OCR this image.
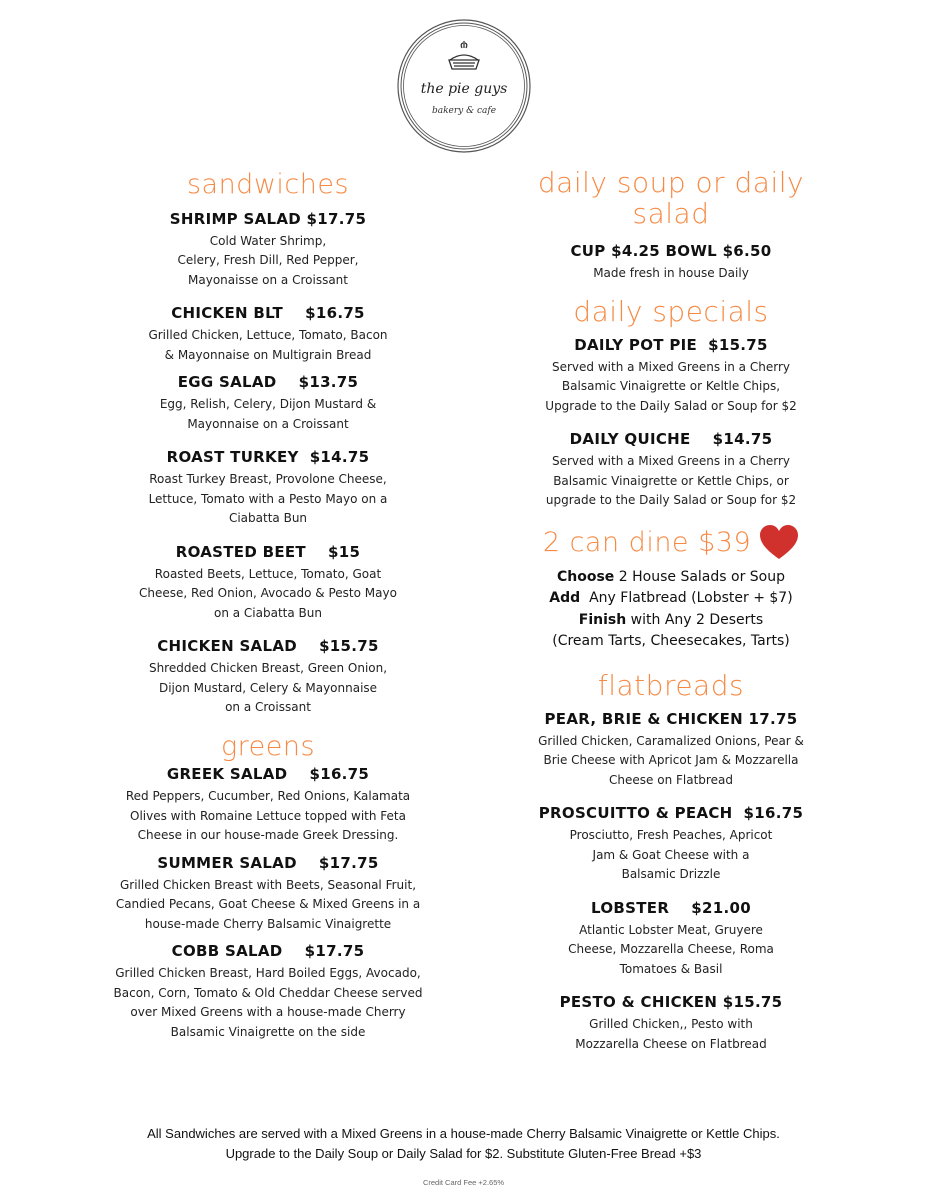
the pie guys
bakery & cafe
sandwiches
SHRIMP SALAD $17.75
Cold Water Shrimp,
Celery, Fresh Dill, Red Pepper,
Mayonaisse on a Croissant
CHICKEN BLT    $16.75
Grilled Chicken, Lettuce, Tomato, Bacon
& Mayonnaise on Multigrain Bread
EGG SALAD    $13.75
Egg, Relish, Celery, Dijon Mustard &
Mayonnaise on a Croissant
ROAST TURKEY  $14.75
Roast Turkey Breast, Provolone Cheese,
Lettuce, Tomato with a Pesto Mayo on a
Ciabatta Bun
ROASTED BEET    $15
Roasted Beets, Lettuce, Tomato, Goat
Cheese, Red Onion, Avocado & Pesto Mayo
on a Ciabatta Bun
CHICKEN SALAD    $15.75
Shredded Chicken Breast, Green Onion,
Dijon Mustard, Celery & Mayonnaise
on a Croissant
greens
GREEK SALAD    $16.75
Red Peppers, Cucumber, Red Onions, Kalamata
Olives with Romaine Lettuce topped with Feta
Cheese in our house-made Greek Dressing.
SUMMER SALAD    $17.75
Grilled Chicken Breast with Beets, Seasonal Fruit,
Candied Pecans, Goat Cheese & Mixed Greens in a
house-made Cherry Balsamic Vinaigrette
COBB SALAD    $17.75
Grilled Chicken Breast, Hard Boiled Eggs, Avocado,
Bacon, Corn, Tomato & Old Cheddar Cheese served
over Mixed Greens with a house-made Cherry
Balsamic Vinaigrette on the side
daily soup or daily salad
CUP $4.25 BOWL $6.50

Made fresh in house Daily

daily specials
DAILY POT PIE  $15.75
Served with a Mixed Greens in a Cherry
Balsamic Vinaigrette or Keltle Chips,
Upgrade to the Daily Salad or Soup for $2
DAILY QUICHE    $14.75
Served with a Mixed Greens in a Cherry
Balsamic Vinaigrette or Kettle Chips, or
upgrade to the Daily Salad or Soup for $2
2 can dine $39
Choose 2 House Salads or Soup
Add  Any Flatbread (Lobster + $7)
Finish with Any 2 Deserts
(Cream Tarts, Cheesecakes, Tarts)
flatbreads
PEAR, BRIE & CHICKEN 17.75
Grilled Chicken, Caramalized Onions, Pear &
Brie Cheese with Apricot Jam & Mozzarella
Cheese on Flatbread
PROSCUITTO & PEACH  $16.75
Prosciutto, Fresh Peaches, Apricot
Jam & Goat Cheese with a
Balsamic Drizzle
LOBSTER    $21.00
Atlantic Lobster Meat, Gruyere
Cheese, Mozzarella Cheese, Roma
Tomatoes & Basil
PESTO & CHICKEN $15.75
Grilled Chicken,, Pesto with
Mozzarella Cheese on Flatbread
All Sandwiches are served with a Mixed Greens in a house-made Cherry Balsamic Vinaigrette or Kettle Chips.
Upgrade to the Daily Soup or Daily Salad for $2. Substitute Gluten-Free Bread +$3
Credit Card Fee +2.65%
